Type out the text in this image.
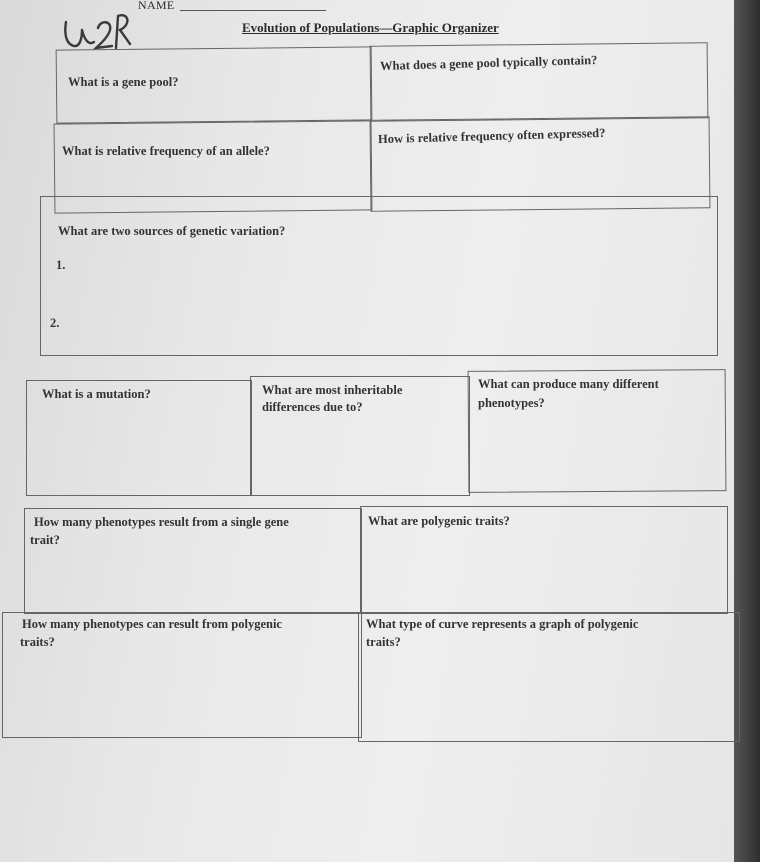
NAME
Evolution of Populations—Graphic Organizer
What is a gene pool?
What does a gene pool typically contain?
What is relative frequency of an allele?
How is relative frequency often expressed?
What are two sources of genetic variation?
1.
2.
What is a mutation?	What are most inheritable
differences due to?
What can produce many different
phenotypes?
How many phenotypes result from a single gene
trait?
What are polygenic traits?
How many phenotypes can result from polygenic
traits?
What type of curve represents a graph of polygenic
traits?
